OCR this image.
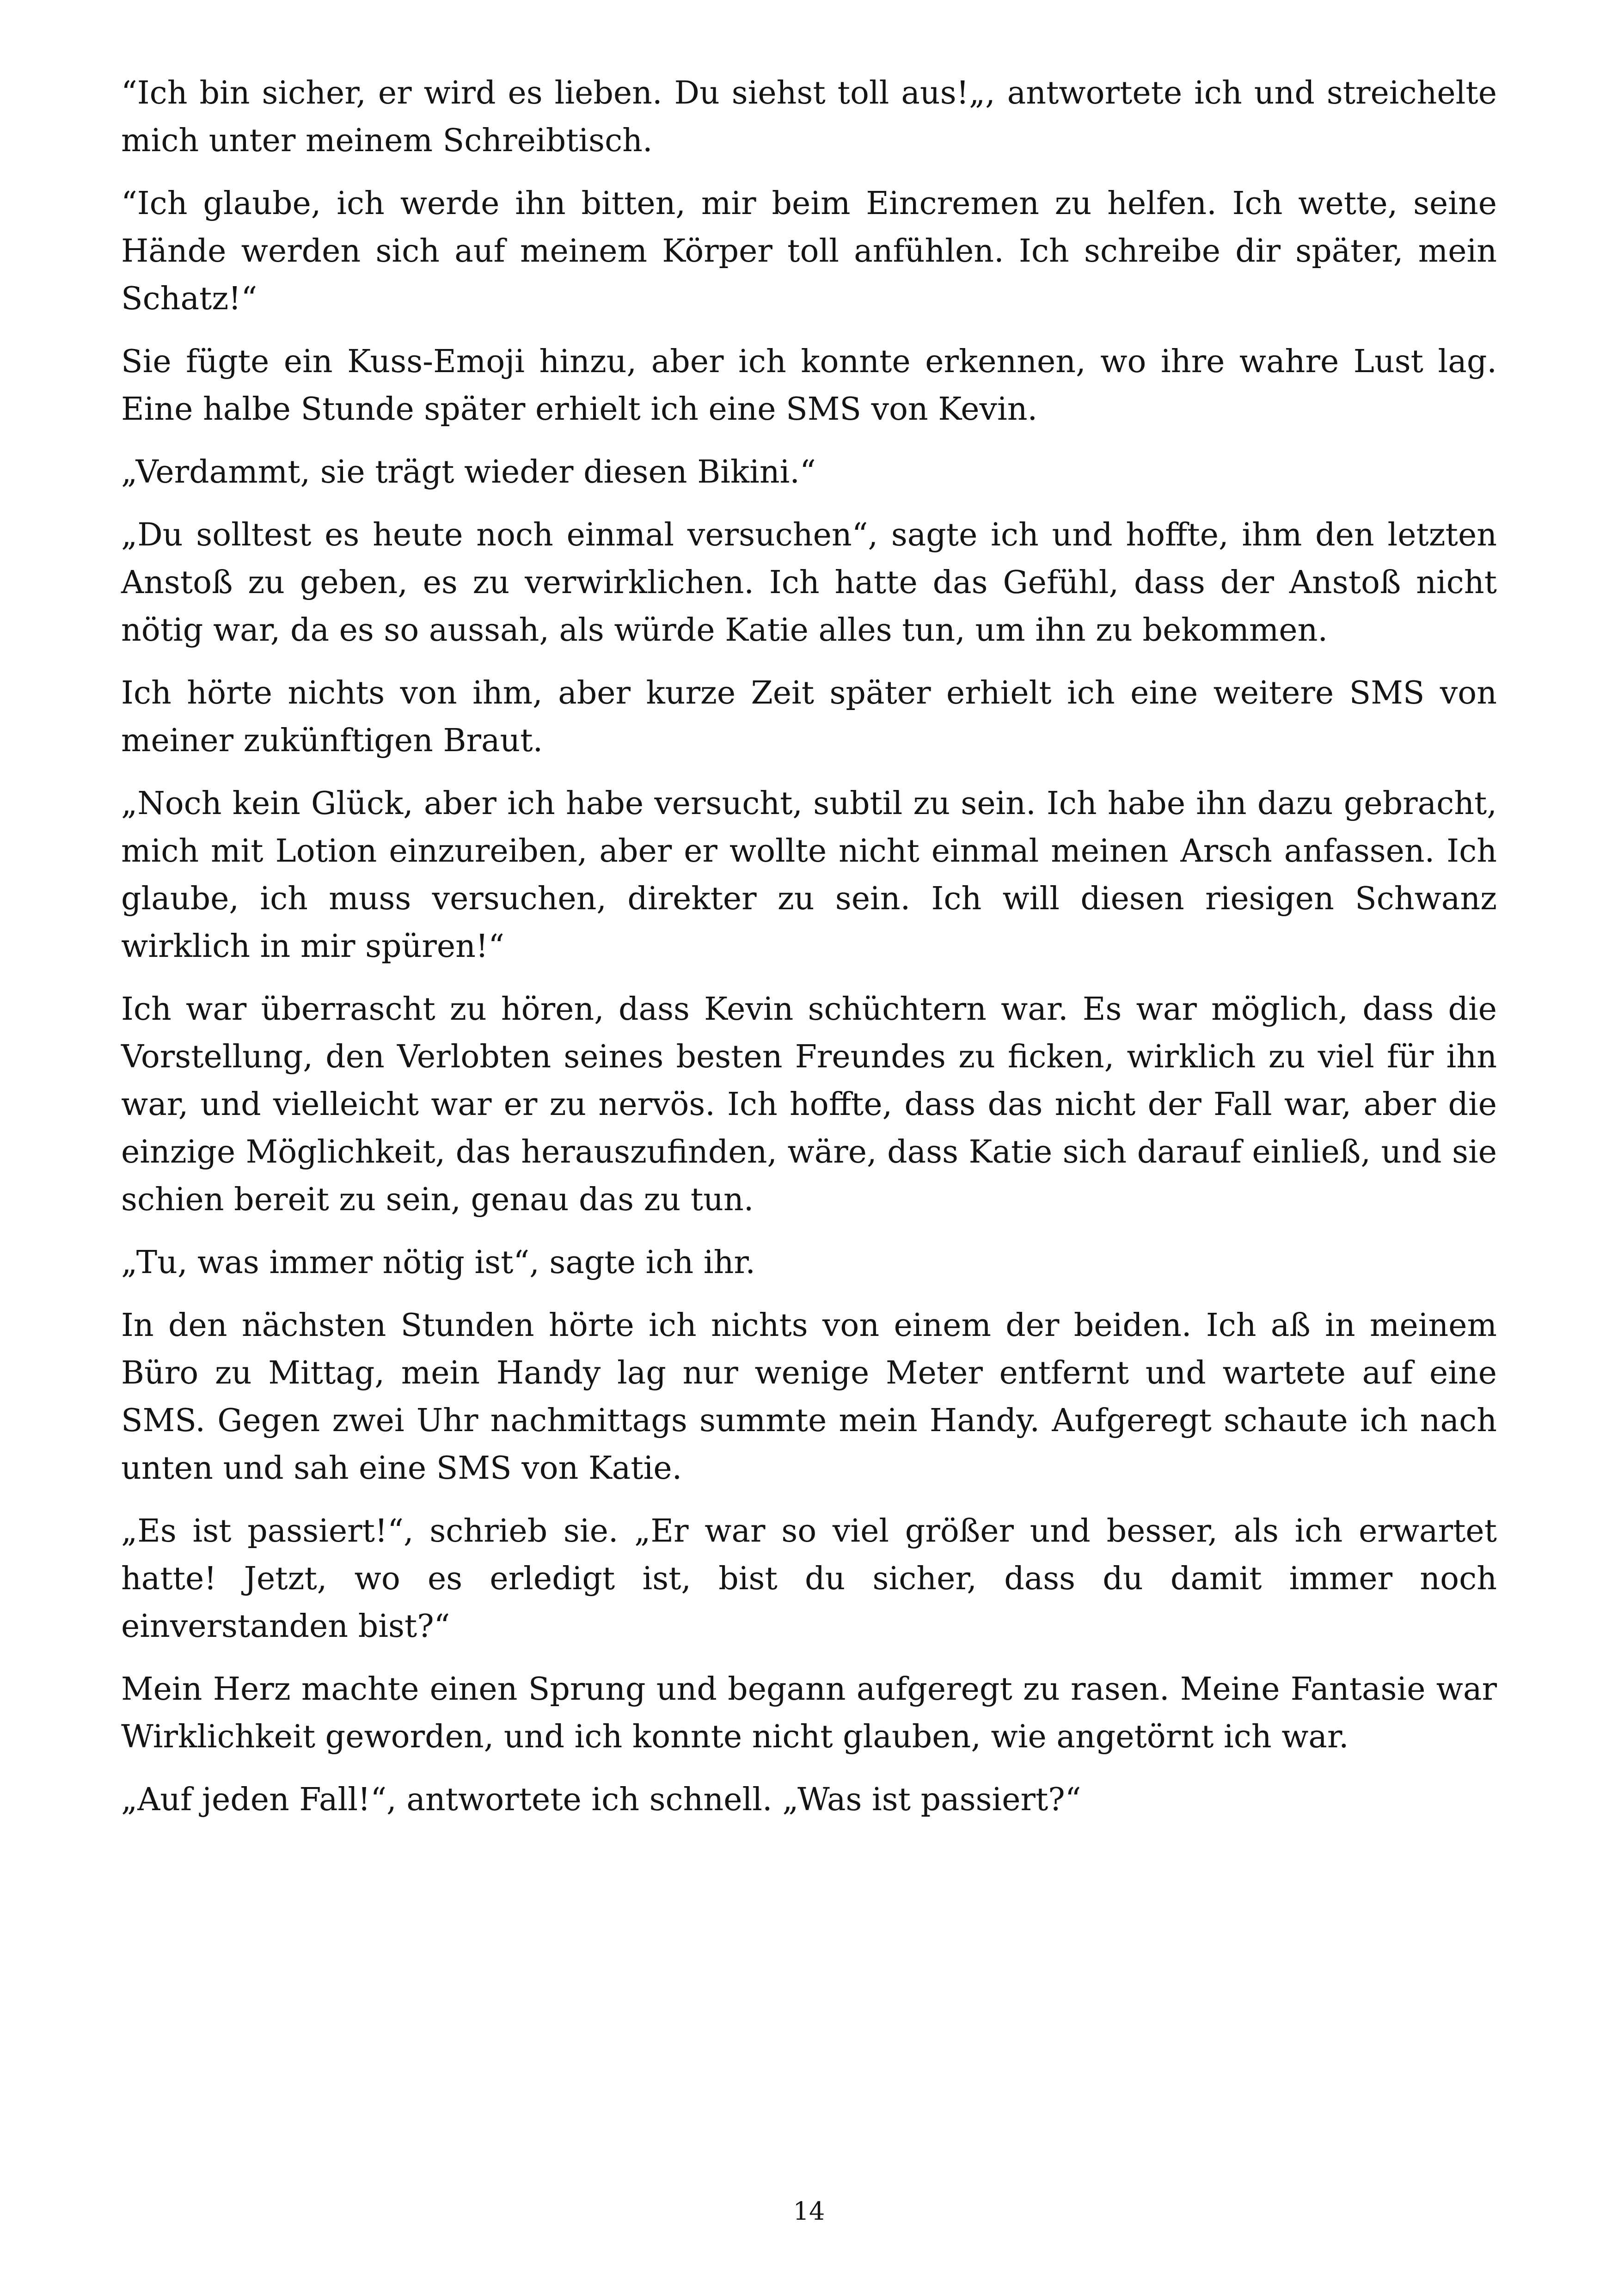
“Ich bin sicher, er wird es lieben. Du siehst toll aus!„, antwortete ich und streichelte mich unter meinem Schreibtisch.

“Ich glaube, ich werde ihn bitten, mir beim Eincremen zu helfen. Ich wette, seine Hände werden sich auf meinem Körper toll anfühlen. Ich schreibe dir später, mein Schatz!“

Sie fügte ein Kuss-Emoji hinzu, aber ich konnte erkennen, wo ihre wahre Lust lag. Eine halbe Stunde später erhielt ich eine SMS von Kevin.

„Verdammt, sie trägt wieder diesen Bikini.“

„Du solltest es heute noch einmal versuchen“, sagte ich und hoffte, ihm den letzten Anstoß zu geben, es zu verwirklichen. Ich hatte das Gefühl, dass der Anstoß nicht nötig war, da es so aussah, als würde Katie alles tun, um ihn zu bekommen.

Ich hörte nichts von ihm, aber kurze Zeit später erhielt ich eine weitere SMS von meiner zukünftigen Braut.

„Noch kein Glück, aber ich habe versucht, subtil zu sein. Ich habe ihn dazu gebracht, mich mit Lotion einzureiben, aber er wollte nicht einmal meinen Arsch anfassen. Ich glaube, ich muss versuchen, direkter zu sein. Ich will diesen riesigen Schwanz wirklich in mir spüren!“

Ich war überrascht zu hören, dass Kevin schüchtern war. Es war möglich, dass die Vorstellung, den Verlobten seines besten Freundes zu ficken, wirklich zu viel für ihn war, und vielleicht war er zu nervös. Ich hoffte, dass das nicht der Fall war, aber die einzige Möglichkeit, das herauszufinden, wäre, dass Katie sich darauf einließ, und sie schien bereit zu sein, genau das zu tun.

„Tu, was immer nötig ist“, sagte ich ihr.

In den nächsten Stunden hörte ich nichts von einem der beiden. Ich aß in meinem Büro zu Mittag, mein Handy lag nur wenige Meter entfernt und wartete auf eine SMS. Gegen zwei Uhr nachmittags summte mein Handy. Aufgeregt schaute ich nach unten und sah eine SMS von Katie.

„Es ist passiert!“, schrieb sie. „Er war so viel größer und besser, als ich erwartet hatte! Jetzt, wo es erledigt ist, bist du sicher, dass du damit immer noch einverstanden bist?“

Mein Herz machte einen Sprung und begann aufgeregt zu rasen. Meine Fantasie war Wirklichkeit geworden, und ich konnte nicht glauben, wie angetörnt ich war.

„Auf jeden Fall!“, antwortete ich schnell. „Was ist passiert?“

14
